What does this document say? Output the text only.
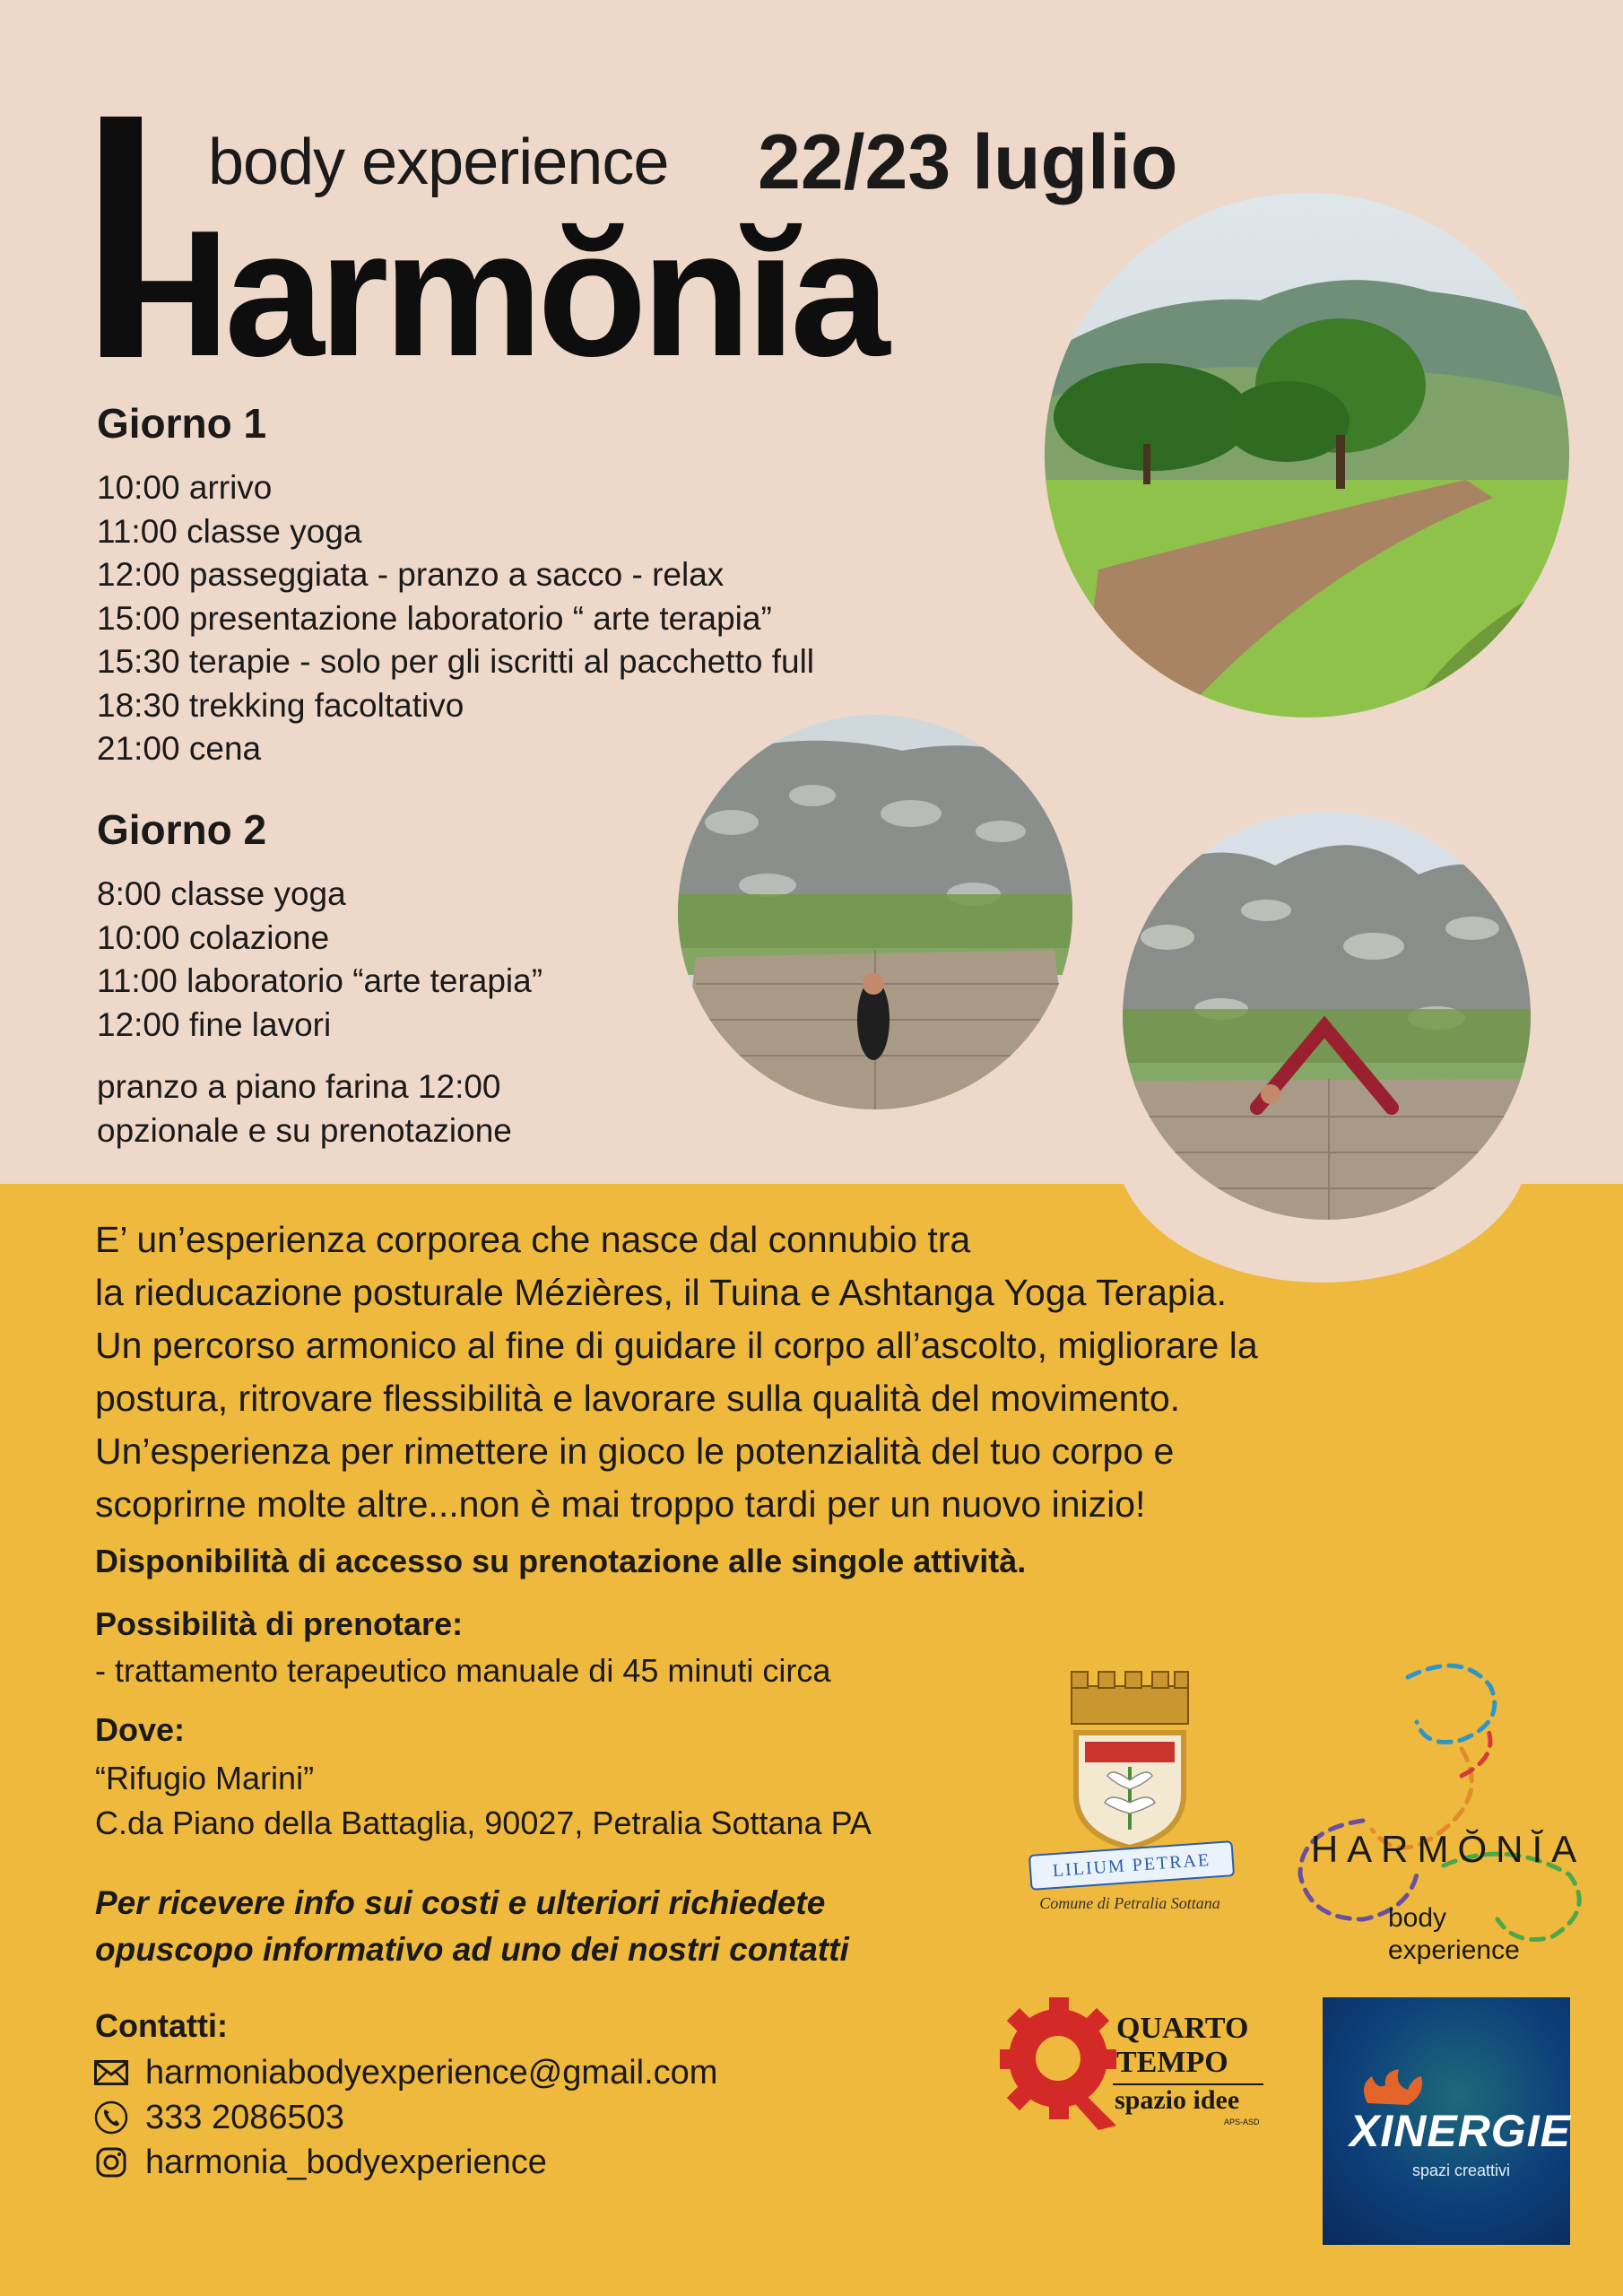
body experience 22/23 luglio
Harmŏnĭa
Giorno 1
10:00 arrivo
11:00 classe yoga
12:00 passeggiata - pranzo a sacco - relax
15:00 presentazione laboratorio “ arte terapia”
15:30 terapie - solo per gli iscritti al pacchetto full
18:30 trekking facoltativo
21:00 cena
Giorno 2
8:00 classe yoga
10:00 colazione
11:00 laboratorio “arte terapia”
12:00 fine lavori
pranzo a piano farina 12:00
opzionale e su prenotazione
E’ un’esperienza corporea che nasce dal connubio tra
la rieducazione posturale Mézières, il Tuina e Ashtanga Yoga Terapia.
Un percorso armonico al fine di guidare il corpo all’ascolto, migliorare la
postura, ritrovare flessibilità e lavorare sulla qualità del movimento.
Un’esperienza per rimettere in gioco le potenzialità del tuo corpo e
scoprirne molte altre...non è mai troppo tardi per un nuovo inizio!
Disponibilità di accesso su prenotazione alle singole attività.
Possibilità di prenotare:
- trattamento terapeutico manuale di 45 minuti circa
Dove:
“Rifugio Marini”
C.da Piano della Battaglia, 90027, Petralia Sottana PA
Per ricevere info sui costi e ulteriori richiedete
opuscopo informativo ad uno dei nostri contatti
Contatti:
harmoniabodyexperience@gmail.com
333 2086503
harmonia_bodyexperience
LILIUM PETRAE
Comune di Petralia Sottana
HARMŎNĬA
body
experience
QUARTO
TEMPO
spazio idee
APS-ASD XINERGIE
spazi creattivi
